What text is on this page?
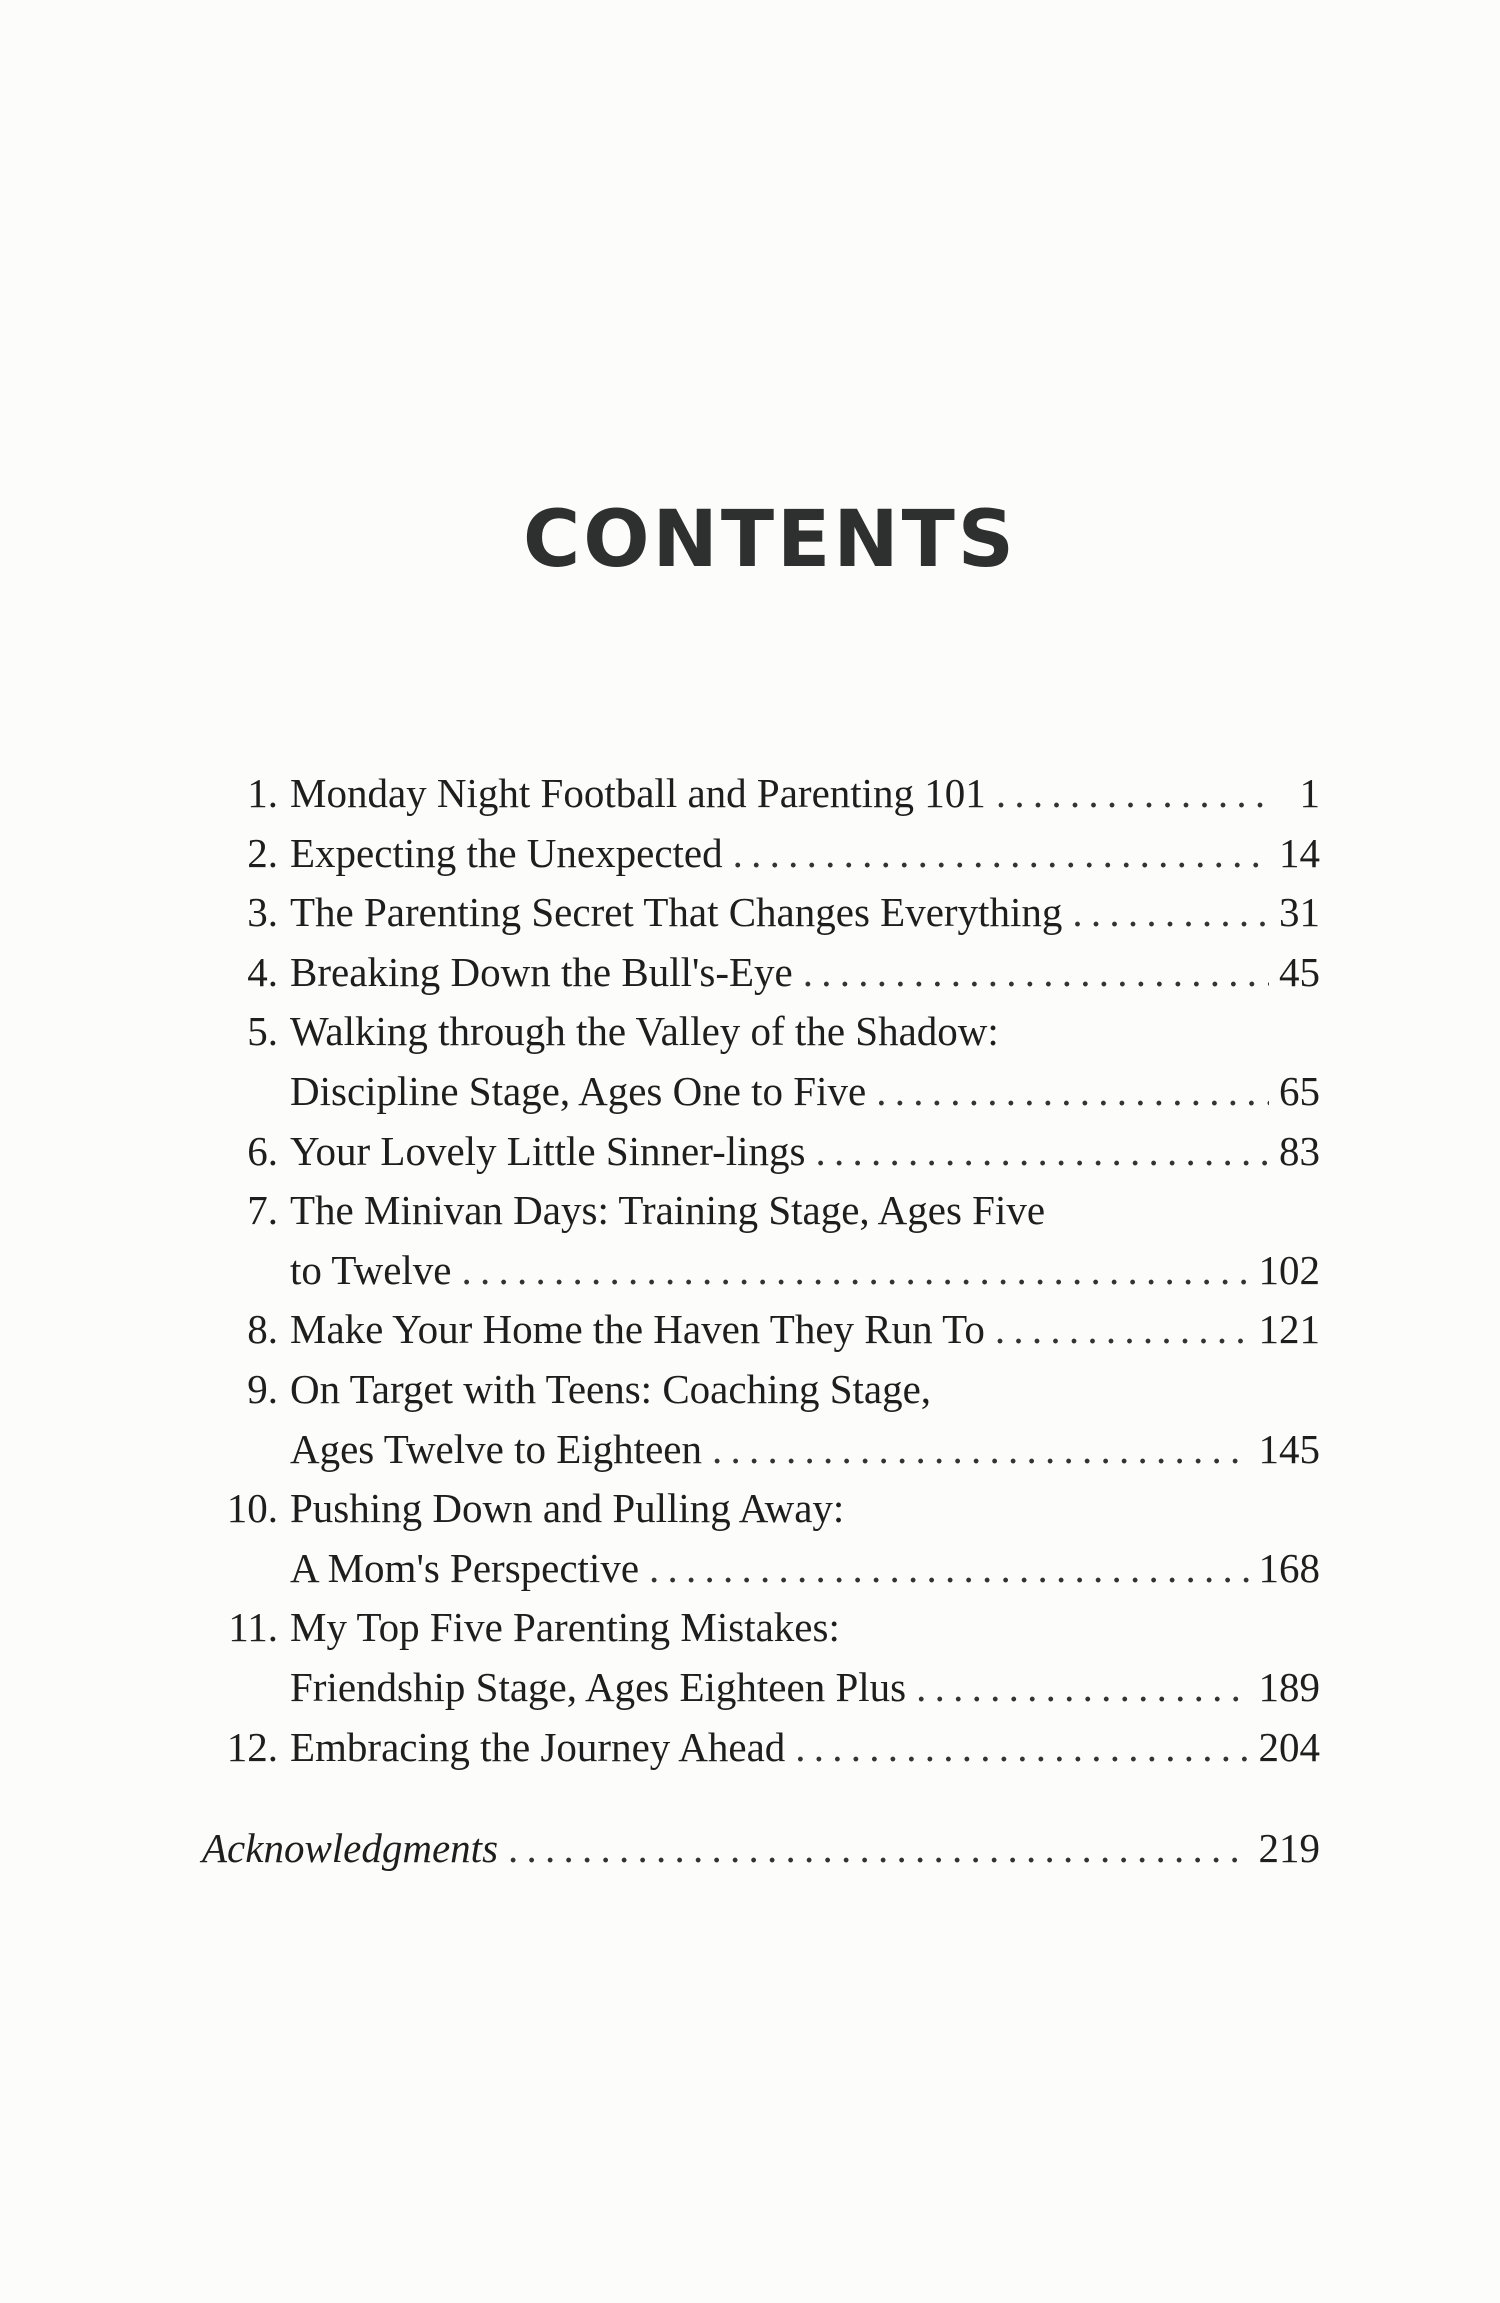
CONTENTS
1. Monday Night Football and Parenting 101 . . .	1
2. Expecting the Unexpected . . .	14
3. The Parenting Secret That Changes Everything . . .	31
4. Breaking Down the Bull's-Eye . . .	45
5. Walking through the Valley of the Shadow:
Discipline Stage, Ages One to Five . . .	65
6. Your Lovely Little Sinner-lings . . .	83
7. The Minivan Days: Training Stage, Ages Five
to Twelve . . .	102
8. Make Your Home the Haven They Run To . . .	121
9. On Target with Teens: Coaching Stage,
Ages Twelve to Eighteen . . .	145
10. Pushing Down and Pulling Away:
A Mom's Perspective . . .	168
11. My Top Five Parenting Mistakes:
Friendship Stage, Ages Eighteen Plus . . .	189
12. Embracing the Journey Ahead . . .	204
Acknowledgments . . .	219
